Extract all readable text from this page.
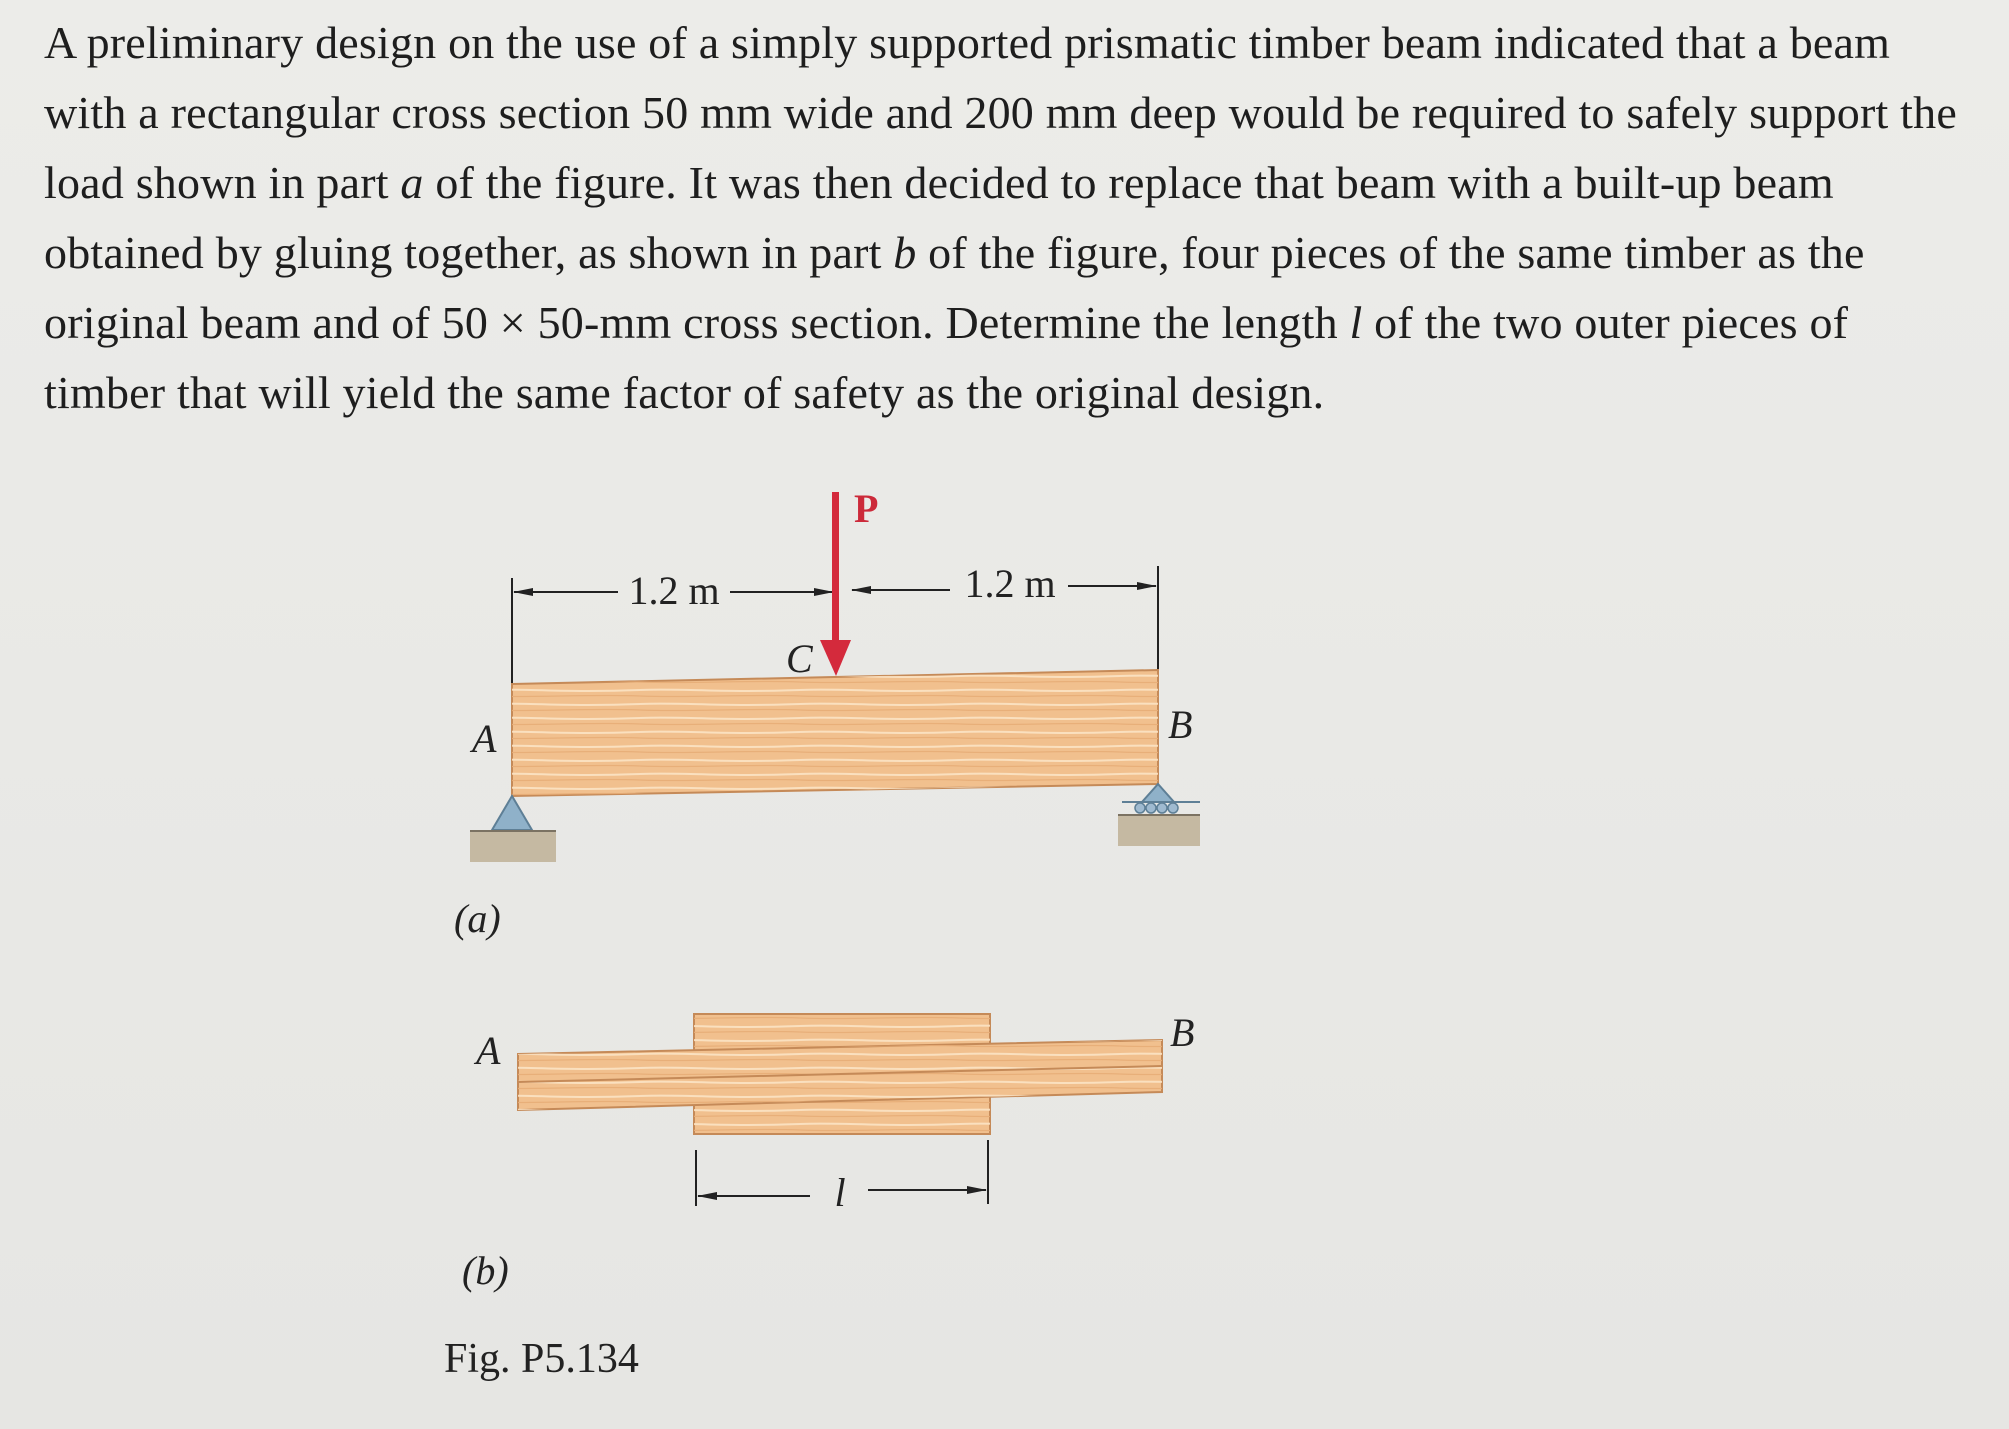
A preliminary design on the use of a simply supported prismatic timber beam indicated that a beam with a rectangular cross section 50 mm wide and 200 mm deep would be required to safely support the load shown in part a of the figure. It was then decided to replace that beam with a built-up beam obtained by gluing together, as shown in part b of the figure, four pieces of the same timber as the original beam and of 50 × 50-mm cross section. Determine the length l of the two outer pieces of timber that will yield the same factor of safety as the original design.

1.2 m	1.2 m
P
C
A	B
(a)
A	B
l
(b)
Fig. P5.134
